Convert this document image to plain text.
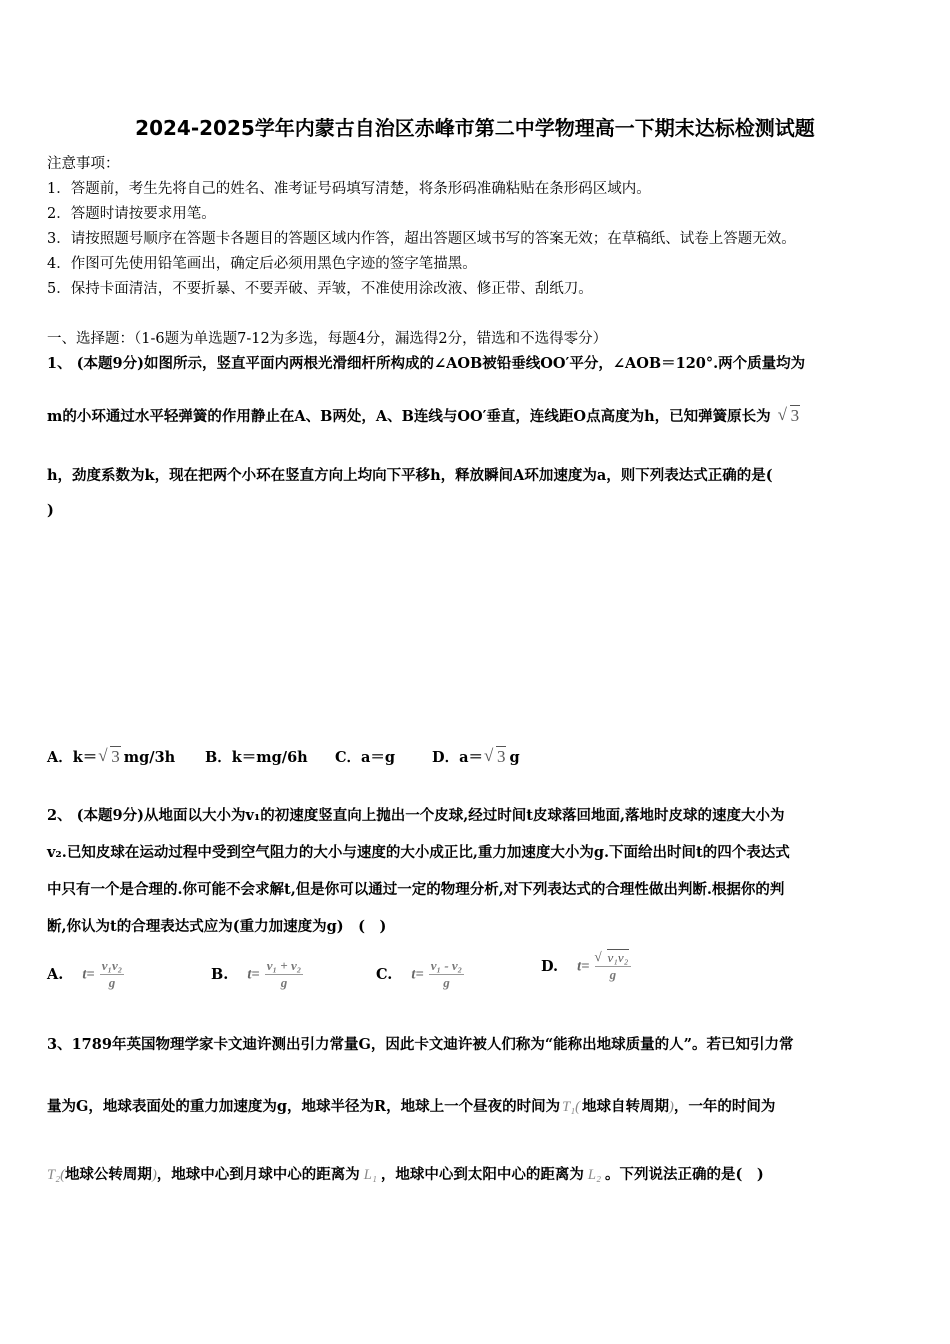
2024-2025学年内蒙古自治区赤峰市第二中学物理高一下期末达标检测试题
注意事项：
1．答题前，考生先将自己的姓名、准考证号码填写清楚，将条形码准确粘贴在条形码区域内。
2．答题时请按要求用笔。
3．请按照题号顺序在答题卡各题目的答题区域内作答，超出答题区域书写的答案无效；在草稿纸、试卷上答题无效。
4．作图可先使用铅笔画出，确定后必须用黑色字迹的签字笔描黑。
5．保持卡面清洁，不要折暴、不要弄破、弄皱，不准使用涂改液、修正带、刮纸刀。
一、选择题：（1-6题为单选题7-12为多选，每题4分，漏选得2分，错选和不选得零分）
1、 (本题9分)如图所示，竖直平面内两根光滑细杆所构成的∠AOB被铅垂线OO′平分，∠AOB＝120°.两个质量均为
m的小环通过水平轻弹簧的作用静止在A、B两处，A、B连线与OO′垂直，连线距O点高度为h，已知弹簧原长为 √ 3
h，劲度系数为k，现在把两个小环在竖直方向上均向下平移h，释放瞬间A环加速度为a，则下列表达式正确的是(
)
A．k＝ √ 3 mg/3h B．k＝mg/6h C．a＝g	D．a＝ √ 3 g
2、 (本题9分)从地面以大小为v₁的初速度竖直向上抛出一个皮球,经过时间t皮球落回地面,落地时皮球的速度大小为
v₂.已知皮球在运动过程中受到空气阻力的大小与速度的大小成正比,重力加速度大小为g.下面给出时间t的四个表达式
中只有一个是合理的.你可能不会求解t,但是你可以通过一定的物理分析,对下列表达式的合理性做出判断.根据你的判
断,你认为t的合理表达式应为(重力加速度为g)　(　)
A. $t= \frac{\text{v₁v₂}}{g}$	B. $t= \frac{\text{v₁ + v₂}}{g}$	C. $t= \frac{\text{v₁ - v₂}}{g}$	D. t= √ $\frac{\text{v₁v₂}}{g}$
3、1789年英国物理学家卡文迪许测出引力常量G，因此卡文迪许被人们称为“能称出地球质量的人”。若已知引力常
量为G，地球表面处的重力加速度为g，地球半径为R，地球上一个昼夜的时间为 T₁( 地球自转周期)，一年的时间为
T₂(地球公转周期)，地球中心到月球中心的距离为 L₁ ，地球中心到太阳中心的距离为 L₂ 。下列说法正确的是(　)
